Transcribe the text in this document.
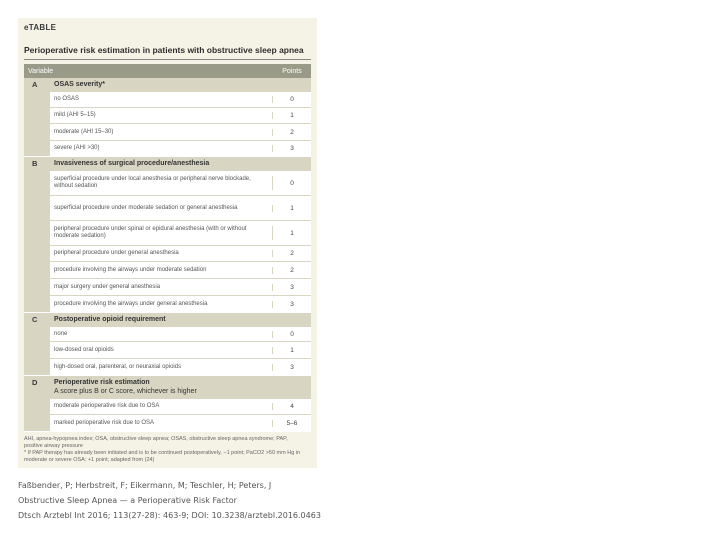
eTABLE
Perioperative risk estimation in patients with obstructive sleep apnea
Variable	Points
A	OSAS severity*
no OSAS	0
mild (AHI 5–15)	1
moderate (AHI 15–30)	2
severe (AHI >30)	3
B	Invasiveness of surgical procedure/anesthesia
superficial procedure under local anesthesia or peripheral nerve blockade, without sedation	0
superficial procedure under moderate sedation or general anesthesia	1
peripheral procedure under spinal or epidural anesthesia (with or without moderate sedation)	1
peripheral procedure under general anesthesia	2
procedure involving the airways under moderate sedation	2
major surgery under general anesthesia	3
procedure involving the airways under general anesthesia	3
C	Postoperative opioid requirement
none	0
low-dosed oral opioids	1
high-dosed oral, parenteral, or neuraxial opioids	3
D	Perioperative risk estimation
A score plus B or C score, whichever is higher
moderate perioperative risk due to OSA	4
marked perioperative risk due to OSA	5–6
AHI, apnea-hypopnea index; OSA, obstructive sleep apnea; OSAS, obstructive sleep apnea syndrome; PAP, positive airway pressure
* If PAP therapy has already been initiated and is to be continued postoperatively, −1 point; PaCO2 >50 mm Hg in moderate or severe OSA: +1 point; adapted from (24)
Faßbender, P; Herbstreit, F; Eikermann, M; Teschler, H; Peters, J
Obstructive Sleep Apnea — a Perioperative Risk Factor
Dtsch Arztebl Int 2016; 113(27-28): 463-9; DOI: 10.3238/arztebl.2016.0463
